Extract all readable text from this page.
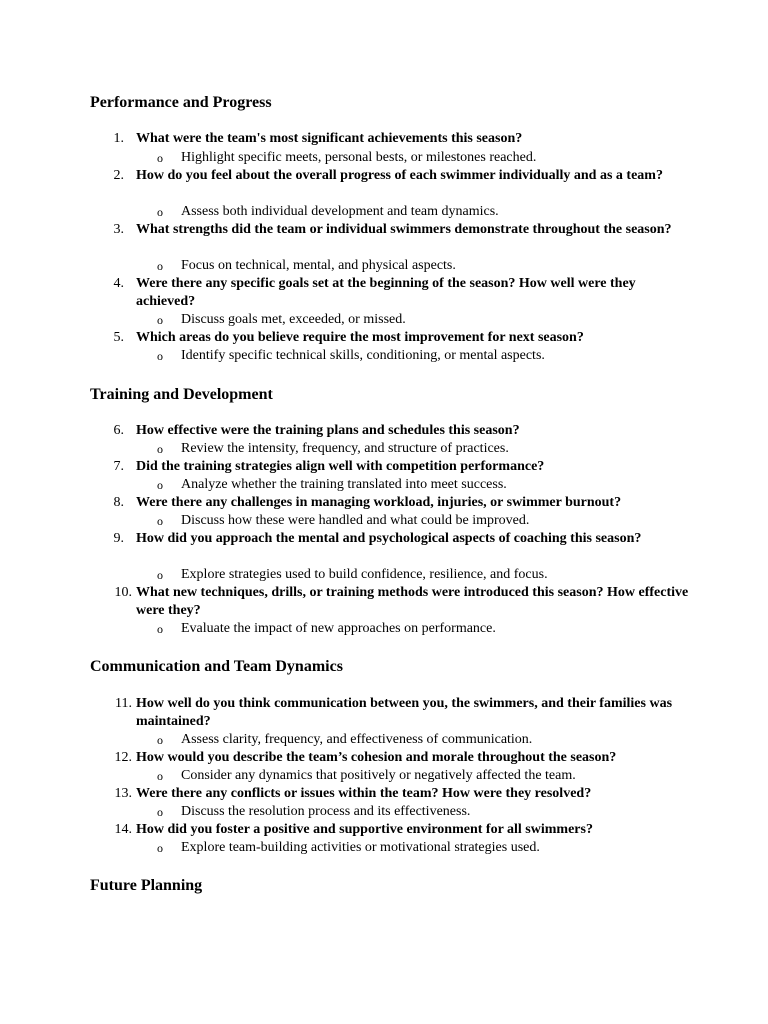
Performance and Progress
1. What were the team's most significant achievements this season?

o Highlight specific meets, personal bests, or milestones reached.

2. How do you feel about the overall progress of each swimmer individually and as a team?

o Assess both individual development and team dynamics.

3. What strengths did the team or individual swimmers demonstrate throughout the season?

o Focus on technical, mental, and physical aspects.

4. Were there any specific goals set at the beginning of the season? How well were they achieved?

o Discuss goals met, exceeded, or missed.

5. Which areas do you believe require the most improvement for next season?

o Identify specific technical skills, conditioning, or mental aspects.

Training and Development
6. How effective were the training plans and schedules this season?

o Review the intensity, frequency, and structure of practices.

7. Did the training strategies align well with competition performance?

o Analyze whether the training translated into meet success.

8. Were there any challenges in managing workload, injuries, or swimmer burnout?

o Discuss how these were handled and what could be improved.

9. How did you approach the mental and psychological aspects of coaching this season?

o Explore strategies used to build confidence, resilience, and focus.

10. What new techniques, drills, or training methods were introduced this season? How effective were they?

o Evaluate the impact of new approaches on performance.

Communication and Team Dynamics
11. How well do you think communication between you, the swimmers, and their families was maintained?

o Assess clarity, frequency, and effectiveness of communication.

12. How would you describe the team’s cohesion and morale throughout the season?

o Consider any dynamics that positively or negatively affected the team.

13. Were there any conflicts or issues within the team? How were they resolved?

o Discuss the resolution process and its effectiveness.

14. How did you foster a positive and supportive environment for all swimmers?

o Explore team-building activities or motivational strategies used.

Future Planning
